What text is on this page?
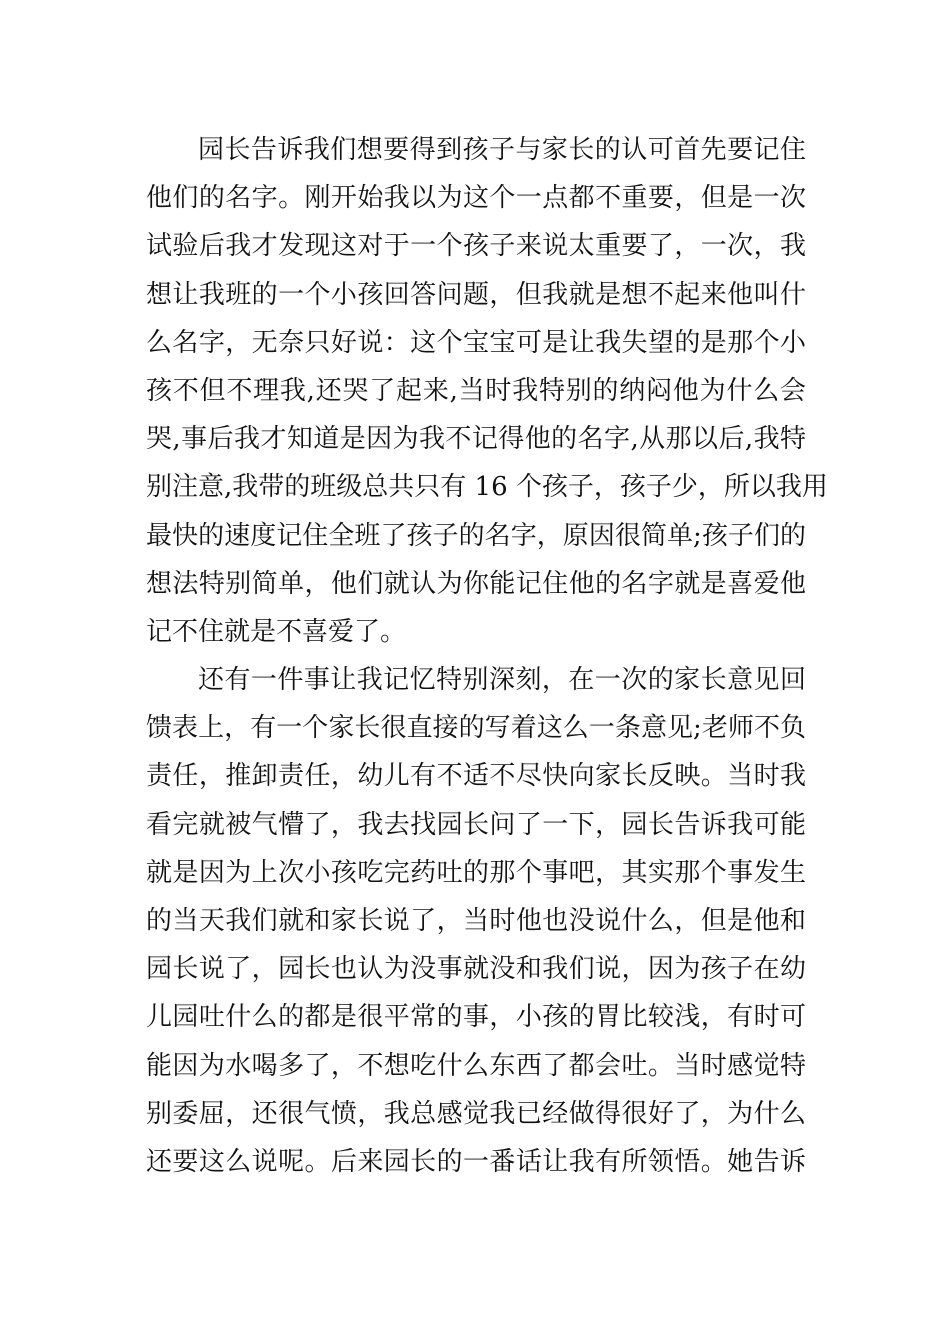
园长告诉我们想要得到孩子与家长的认可首先要记住
他们的名字。刚开始我以为这个一点都不重要，但是一次
试验后我才发现这对于一个孩子来说太重要了，一次，我
想让我班的一个小孩回答问题，但我就是想不起来他叫什
么名字，无奈只好说：这个宝宝可是让我失望的是那个小
孩不但不理我,还哭了起来,当时我特别的纳闷他为什么会
哭,事后我才知道是因为我不记得他的名字,从那以后,我特
别注意,我带的班级总共只有 16 个孩子，孩子少，所以我用
最快的速度记住全班了孩子的名字，原因很简单;孩子们的
想法特别简单，他们就认为你能记住他的名字就是喜爱他
记不住就是不喜爱了。
还有一件事让我记忆特别深刻，在一次的家长意见回
馈表上，有一个家长很直接的写着这么一条意见;老师不负
责任，推卸责任，幼儿有不适不尽快向家长反映。当时我
看完就被气懵了，我去找园长问了一下，园长告诉我可能
就是因为上次小孩吃完药吐的那个事吧，其实那个事发生
的当天我们就和家长说了，当时他也没说什么，但是他和
园长说了，园长也认为没事就没和我们说，因为孩子在幼
儿园吐什么的都是很平常的事，小孩的胃比较浅，有时可
能因为水喝多了，不想吃什么东西了都会吐。当时感觉特
别委屈，还很气愤，我总感觉我已经做得很好了，为什么
还要这么说呢。后来园长的一番话让我有所领悟。她告诉
